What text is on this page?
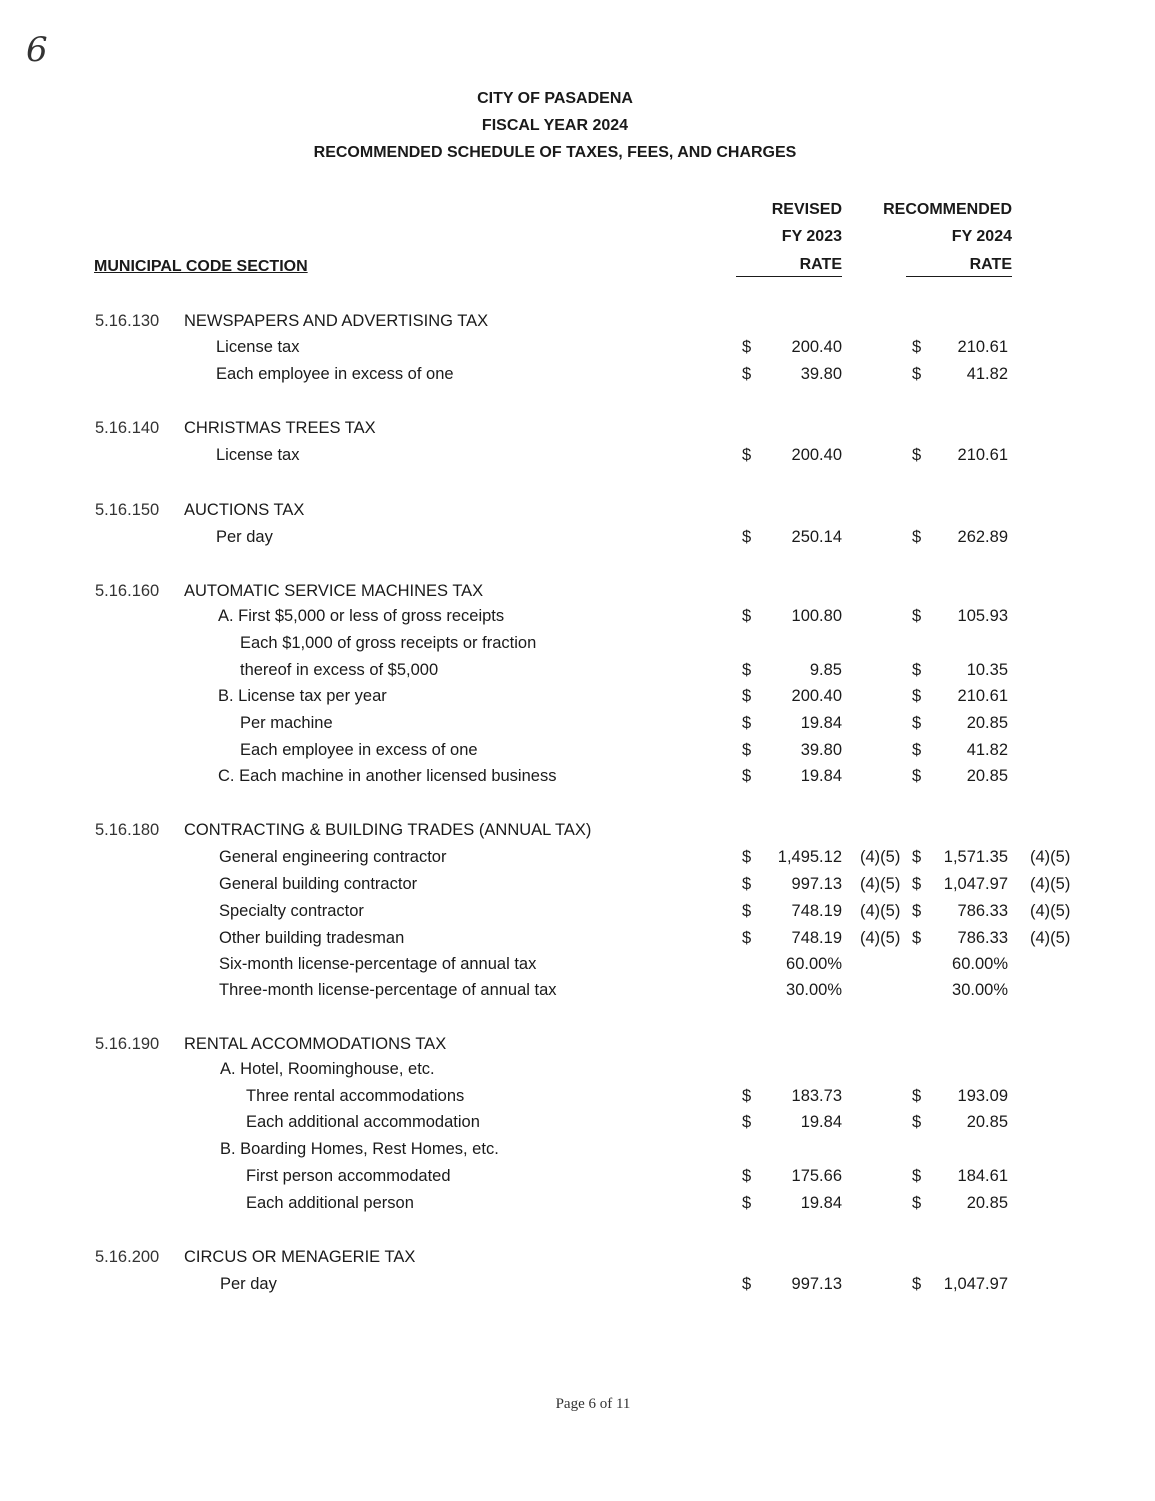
6
CITY OF PASADENA
FISCAL YEAR 2024
RECOMMENDED SCHEDULE OF TAXES, FEES, AND CHARGES
REVISED
FY 2023
RATE
RECOMMENDED
FY 2024
RATE
MUNICIPAL CODE SECTION
5.16.130 NEWSPAPERS AND ADVERTISING TAX
License tax	$ 200.40	$ 210.61
Each employee in excess of one	$	39.80	$	41.82
5.16.140 CHRISTMAS TREES TAX
License tax	$ 200.40	$ 210.61
5.16.150 AUCTIONS TAX
Per day	$ 250.14	$ 262.89
5.16.160 AUTOMATIC SERVICE MACHINES TAX
A. First $5,000 or less of gross receipts	$ 100.80	$ 105.93
Each $1,000 of gross receipts or fraction
thereof in excess of $5,000	$	9.85	$	10.35
B. License tax per year	$ 200.40	$ 210.61
Per machine	$	19.84	$	20.85
Each employee in excess of one	$	39.80	$	41.82
C. Each machine in another licensed business	$	19.84	$	20.85
5.16.180 CONTRACTING & BUILDING TRADES (ANNUAL TAX)
General engineering contractor	$ 1,495.12 (4)(5) $ 1,571.35 (4)(5)
General building contractor	$ 997.13 (4)(5) $ 1,047.97 (4)(5)
Specialty contractor	$ 748.19 (4)(5) $ 786.33 (4)(5)
Other building tradesman	$ 748.19 (4)(5) $ 786.33 (4)(5)
Six-month license-percentage of annual tax	60.00%	60.00%
Three-month license-percentage of annual tax	30.00%	30.00%
5.16.190 RENTAL ACCOMMODATIONS TAX
A. Hotel, Roominghouse, etc.
Three rental accommodations	$ 183.73	$ 193.09
Each additional accommodation	$	19.84	$	20.85
B. Boarding Homes, Rest Homes, etc.
First person accommodated	$ 175.66	$ 184.61
Each additional person	$	19.84	$	20.85
5.16.200 CIRCUS OR MENAGERIE TAX
Per day	$ 997.13	$ 1,047.97
Page 6 of 11
